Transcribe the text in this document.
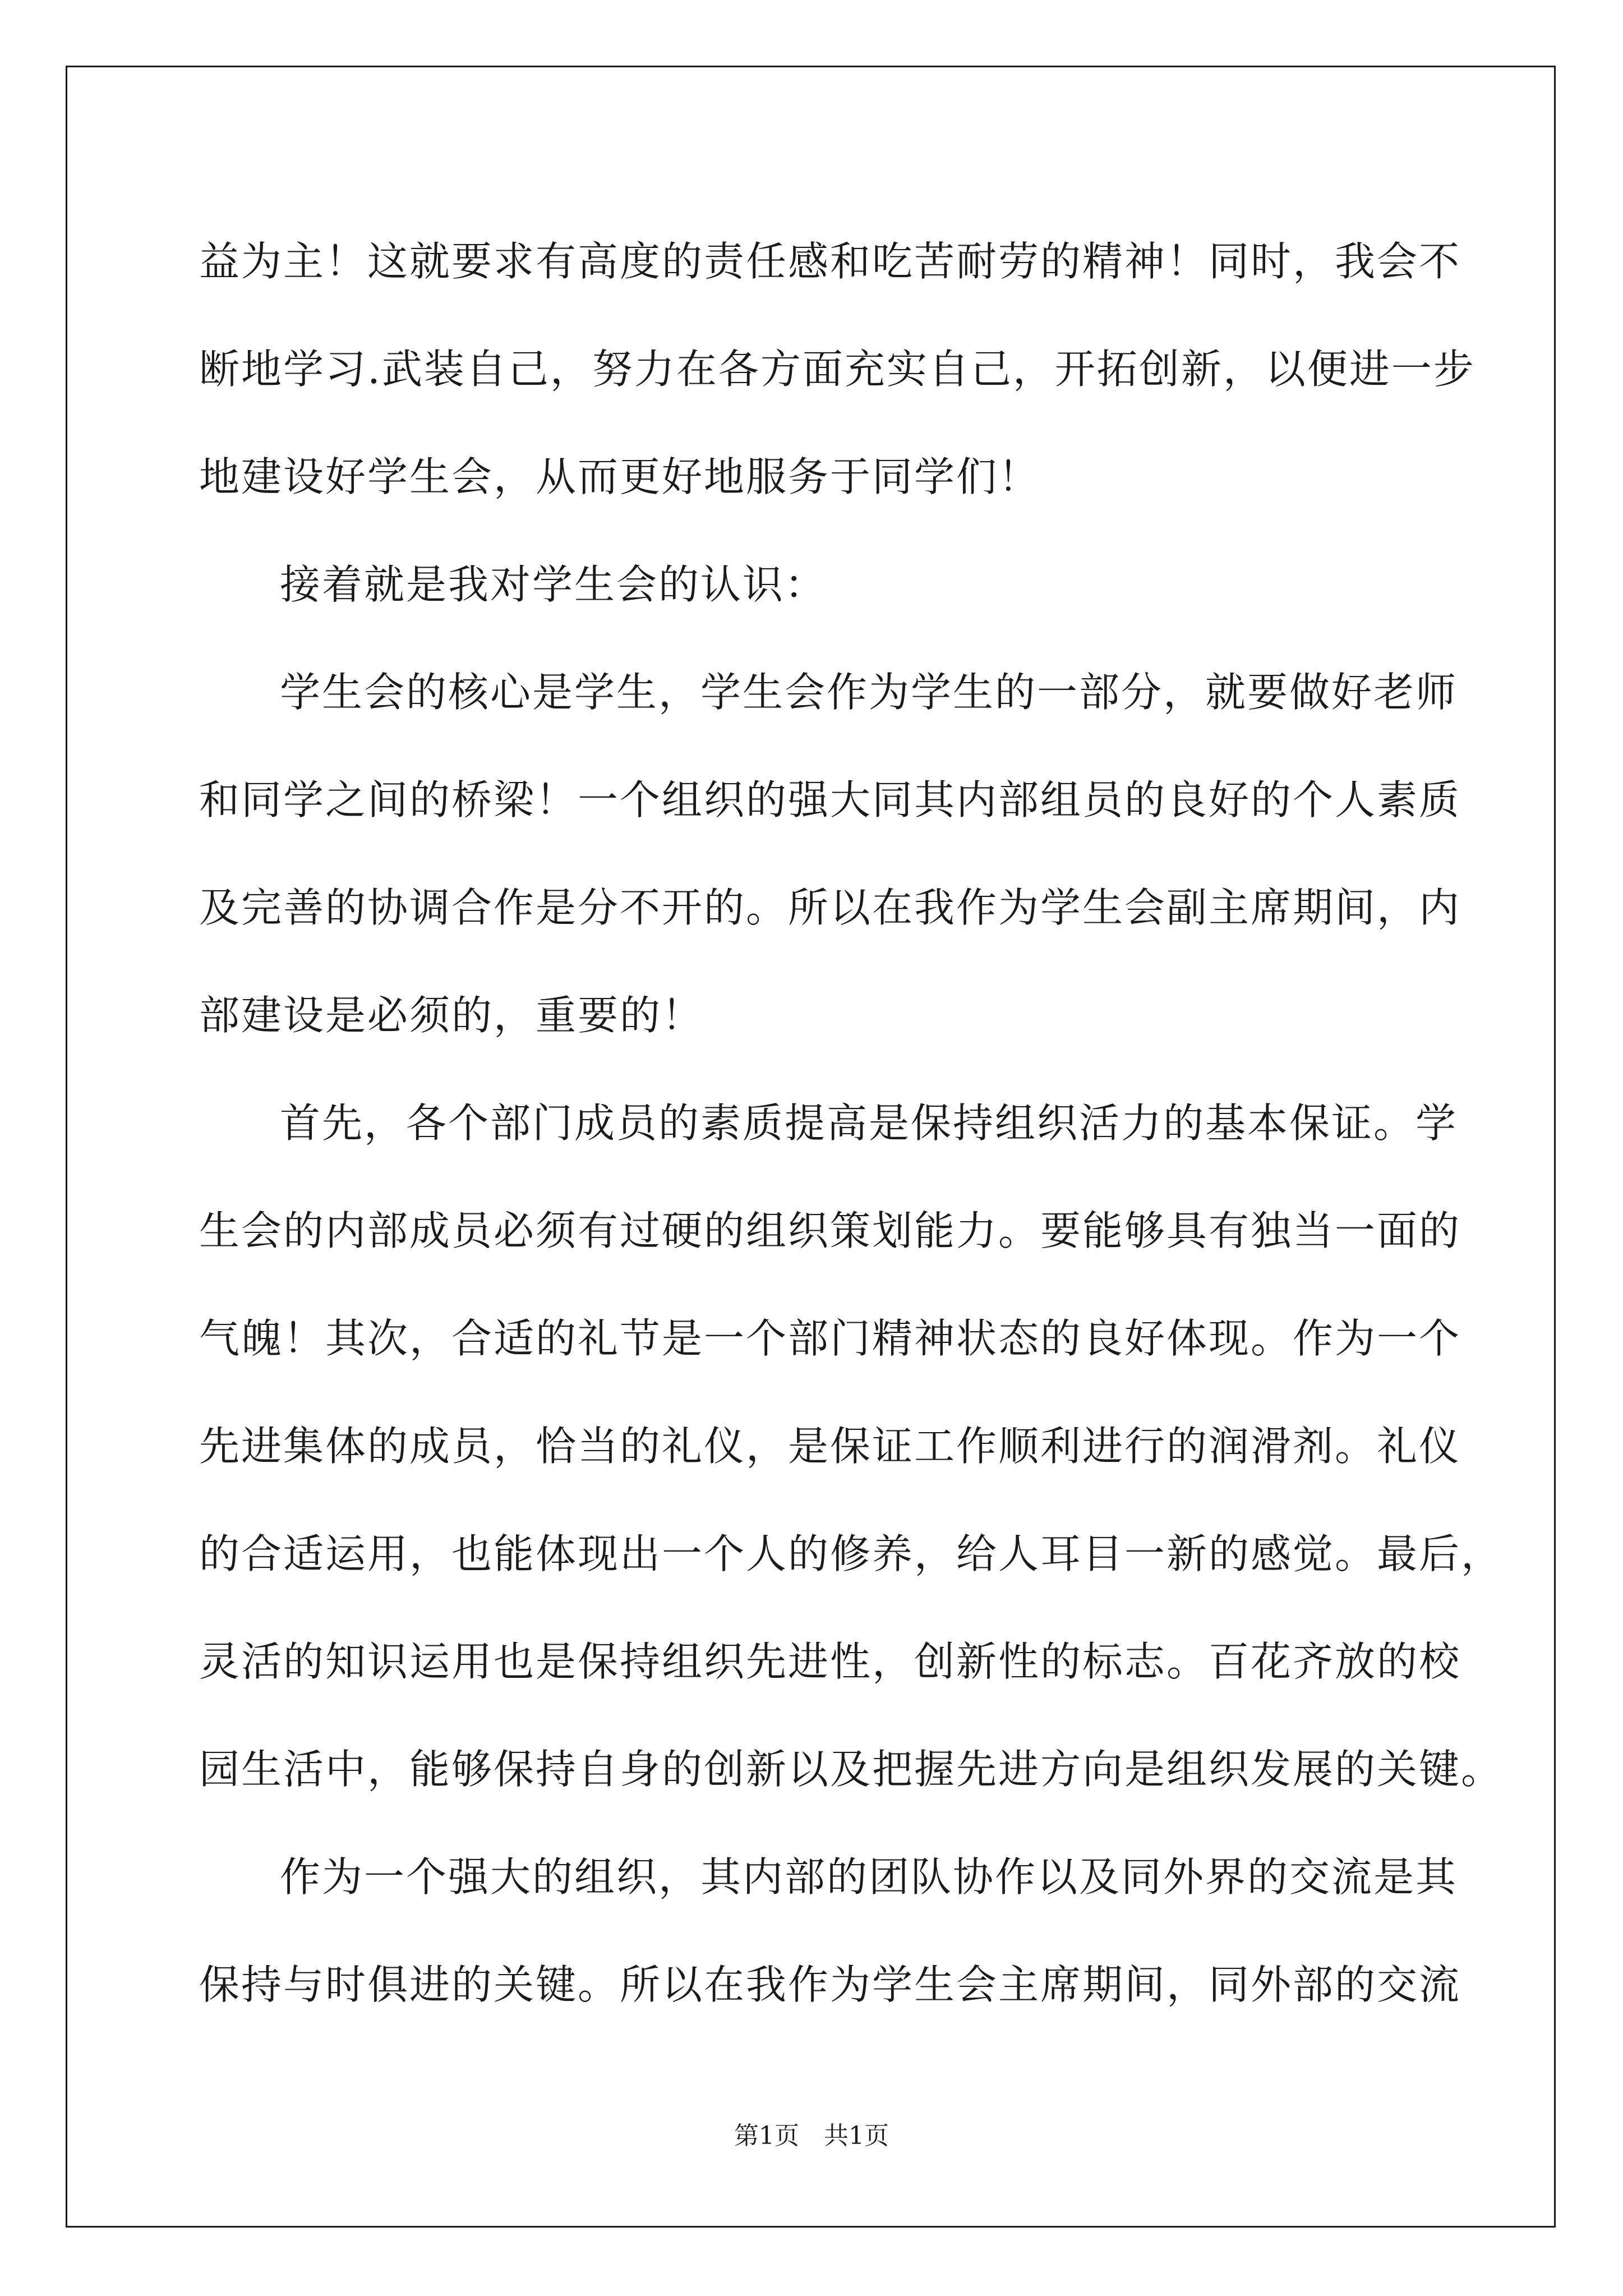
益为主！这就要求有高度的责任感和吃苦耐劳的精神！同时，我会不
断地学习.武装自己，努力在各方面充实自己，开拓创新，以便进一步
地建设好学生会，从而更好地服务于同学们！
接着就是我对学生会的认识：
学生会的核心是学生，学生会作为学生的一部分，就要做好老师
和同学之间的桥梁！一个组织的强大同其内部组员的良好的个人素质
及完善的协调合作是分不开的。所以在我作为学生会副主席期间，内
部建设是必须的，重要的！
首先，各个部门成员的素质提高是保持组织活力的基本保证。学
生会的内部成员必须有过硬的组织策划能力。要能够具有独当一面的
气魄！其次，合适的礼节是一个部门精神状态的良好体现。作为一个
先进集体的成员，恰当的礼仪，是保证工作顺利进行的润滑剂。礼仪
的合适运用，也能体现出一个人的修养，给人耳目一新的感觉。最后，
灵活的知识运用也是保持组织先进性，创新性的标志。百花齐放的校
园生活中，能够保持自身的创新以及把握先进方向是组织发展的关键。
作为一个强大的组织，其内部的团队协作以及同外界的交流是其
保持与时俱进的关键。所以在我作为学生会主席期间，同外部的交流
第1页　共1页
